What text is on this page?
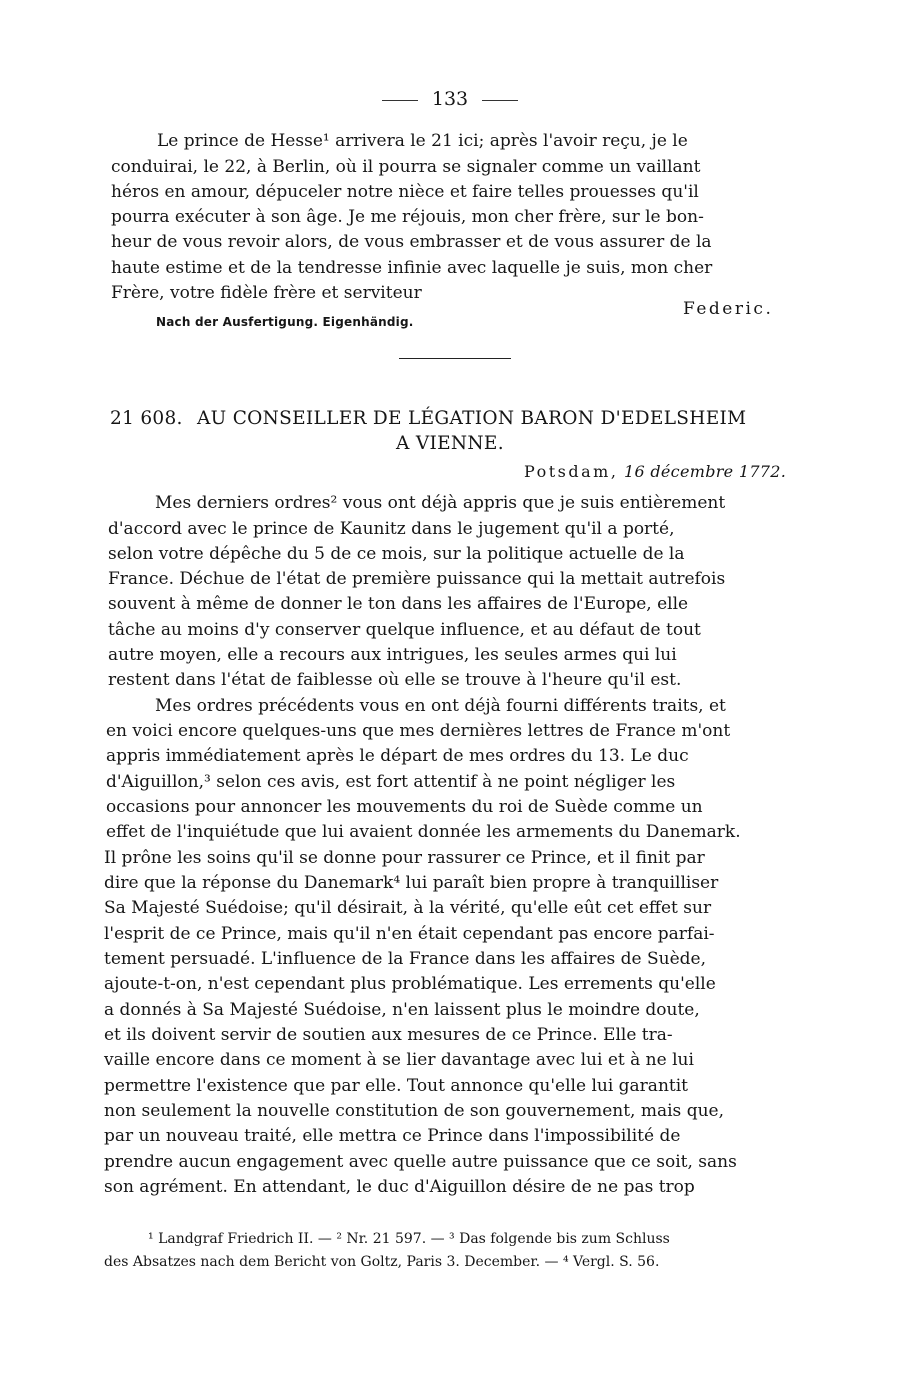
133
Le prince de Hesse¹ arrivera le 21 ici; après l'avoir reçu, je le
conduirai, le 22, à Berlin, où il pourra se signaler comme un vaillant
héros en amour, dépuceler notre nièce et faire telles prouesses qu'il
pourra exécuter à son âge. Je me réjouis, mon cher frère, sur le bon-
heur de vous revoir alors, de vous embrasser et de vous assurer de la
haute estime et de la tendresse infinie avec laquelle je suis, mon cher
Frère, votre fidèle frère et serviteur
Federic.
Nach der Ausfertigung. Eigenhändig.
21 608. AU CONSEILLER DE LÉGATION BARON D'EDELSHEIM
A VIENNE.
Potsdam, 16 décembre 1772.
Mes derniers ordres² vous ont déjà appris que je suis entièrement
d'accord avec le prince de Kaunitz dans le jugement qu'il a porté,
selon votre dépêche du 5 de ce mois, sur la politique actuelle de la
France. Déchue de l'état de première puissance qui la mettait autrefois
souvent à même de donner le ton dans les affaires de l'Europe, elle
tâche au moins d'y conserver quelque influence, et au défaut de tout
autre moyen, elle a recours aux intrigues, les seules armes qui lui
restent dans l'état de faiblesse où elle se trouve à l'heure qu'il est.
Mes ordres précédents vous en ont déjà fourni différents traits, et
en voici encore quelques-uns que mes dernières lettres de France m'ont
appris immédiatement après le départ de mes ordres du 13. Le duc
d'Aiguillon,³ selon ces avis, est fort attentif à ne point négliger les
occasions pour annoncer les mouvements du roi de Suède comme un
effet de l'inquiétude que lui avaient donnée les armements du Danemark.
Il prône les soins qu'il se donne pour rassurer ce Prince, et il finit par
dire que la réponse du Danemark⁴ lui paraît bien propre à tranquilliser
Sa Majesté Suédoise; qu'il désirait, à la vérité, qu'elle eût cet effet sur
l'esprit de ce Prince, mais qu'il n'en était cependant pas encore parfai-
tement persuadé. L'influence de la France dans les affaires de Suède,
ajoute-t-on, n'est cependant plus problématique. Les errements qu'elle
a donnés à Sa Majesté Suédoise, n'en laissent plus le moindre doute,
et ils doivent servir de soutien aux mesures de ce Prince. Elle tra-
vaille encore dans ce moment à se lier davantage avec lui et à ne lui
permettre l'existence que par elle. Tout annonce qu'elle lui garantit
non seulement la nouvelle constitution de son gouvernement, mais que,
par un nouveau traité, elle mettra ce Prince dans l'impossibilité de
prendre aucun engagement avec quelle autre puissance que ce soit, sans
son agrément. En attendant, le duc d'Aiguillon désire de ne pas trop
¹ Landgraf Friedrich II. — ² Nr. 21 597. — ³ Das folgende bis zum Schluss
des Absatzes nach dem Bericht von Goltz, Paris 3. December. — ⁴ Vergl. S. 56.
